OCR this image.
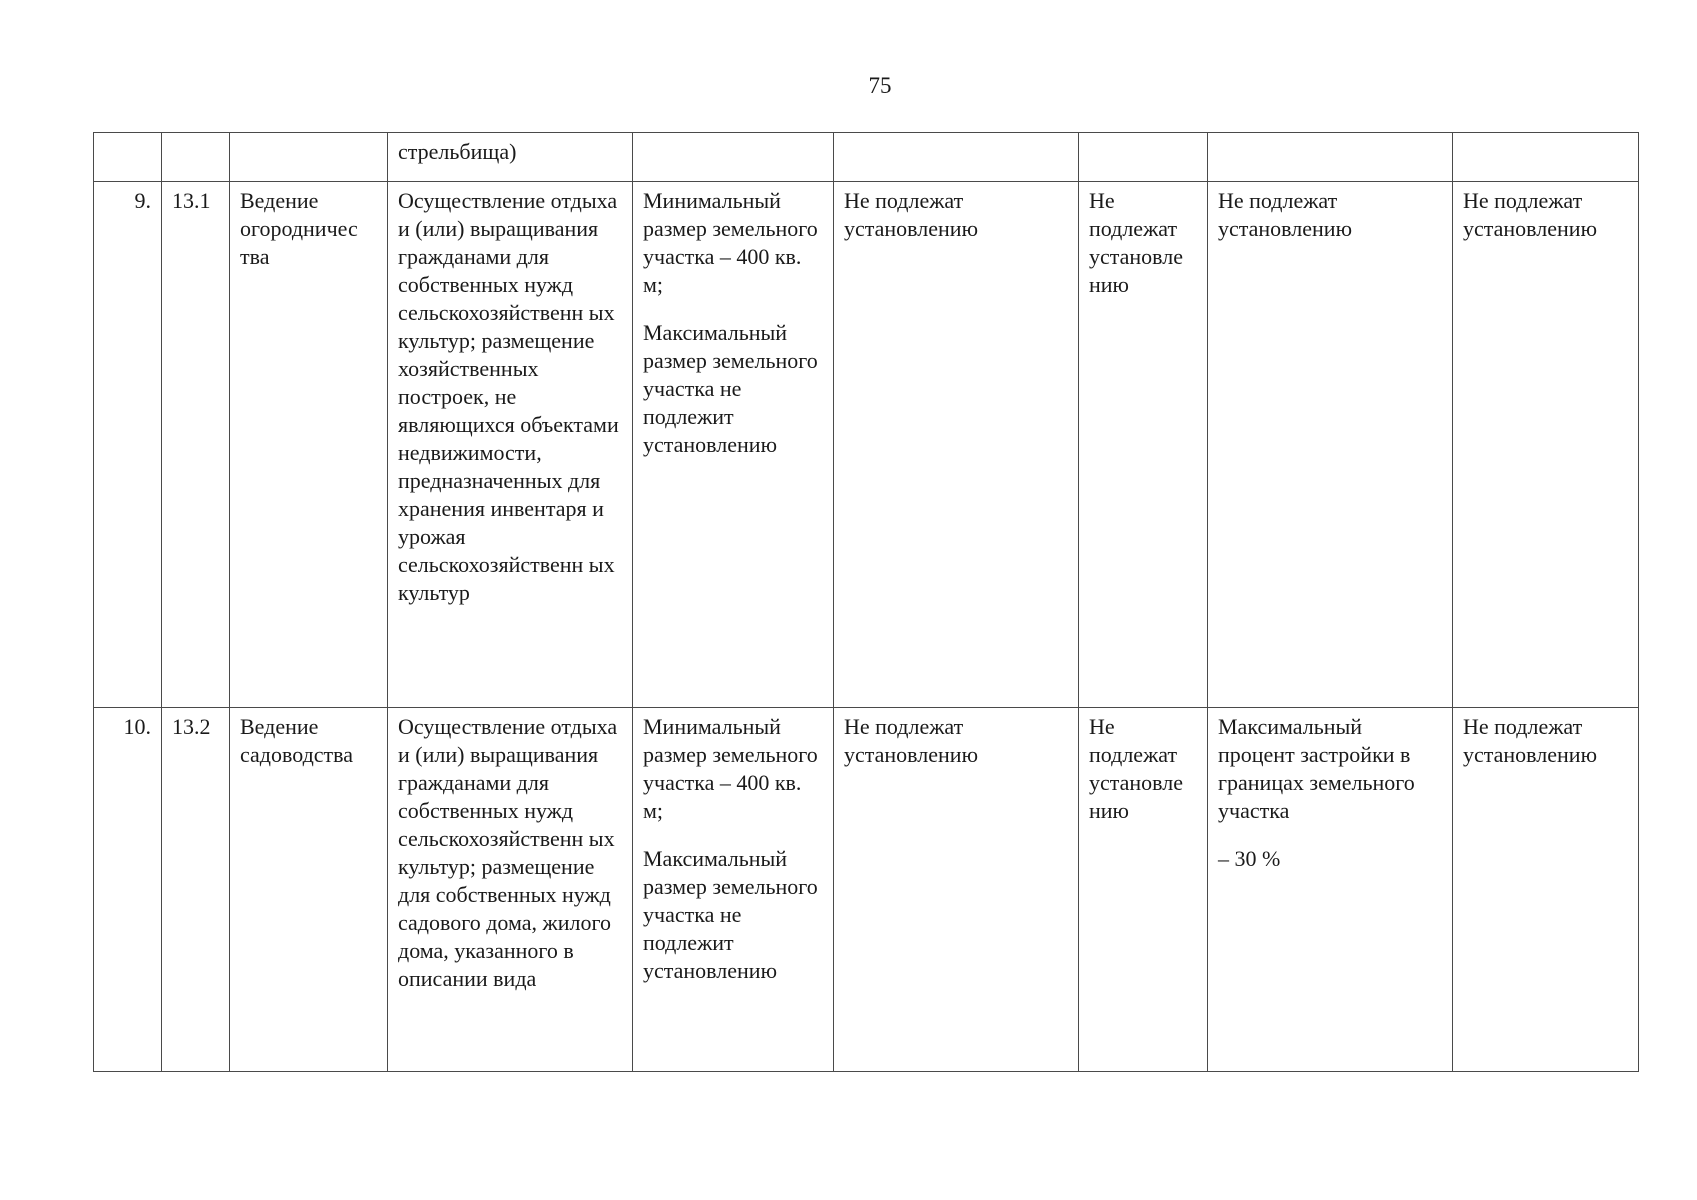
75
			стрельбища)					
9.	13.1	Ведение огородничес тва	Осуществление отдыха и (или) выращивания гражданами для собственных нужд сельскохозяйственн ых культур; размещение хозяйственных построек, не являющихся объектами недвижимости, предназначенных для хранения инвентаря и урожая сельскохозяйственн ых культур	Минимальный размер земельного участка – 400 кв. м;
Максимальный размер земельного участка не подлежит установлению	Не подлежат установлению	Не подлежат установле нию	Не подлежат установлению	Не подлежат установлению
10.	13.2	Ведение садоводства	Осуществление отдыха и (или) выращивания гражданами для собственных нужд сельскохозяйственн ых культур; размещение для собственных нужд садового дома, жилого дома, указанного в описании вида	Минимальный размер земельного участка – 400 кв. м;
Максимальный размер земельного участка не подлежит установлению	Не подлежат установлению	Не подлежат установле нию	Максимальный процент застройки в границах земельного участка
– 30 %	Не подлежат установлению
